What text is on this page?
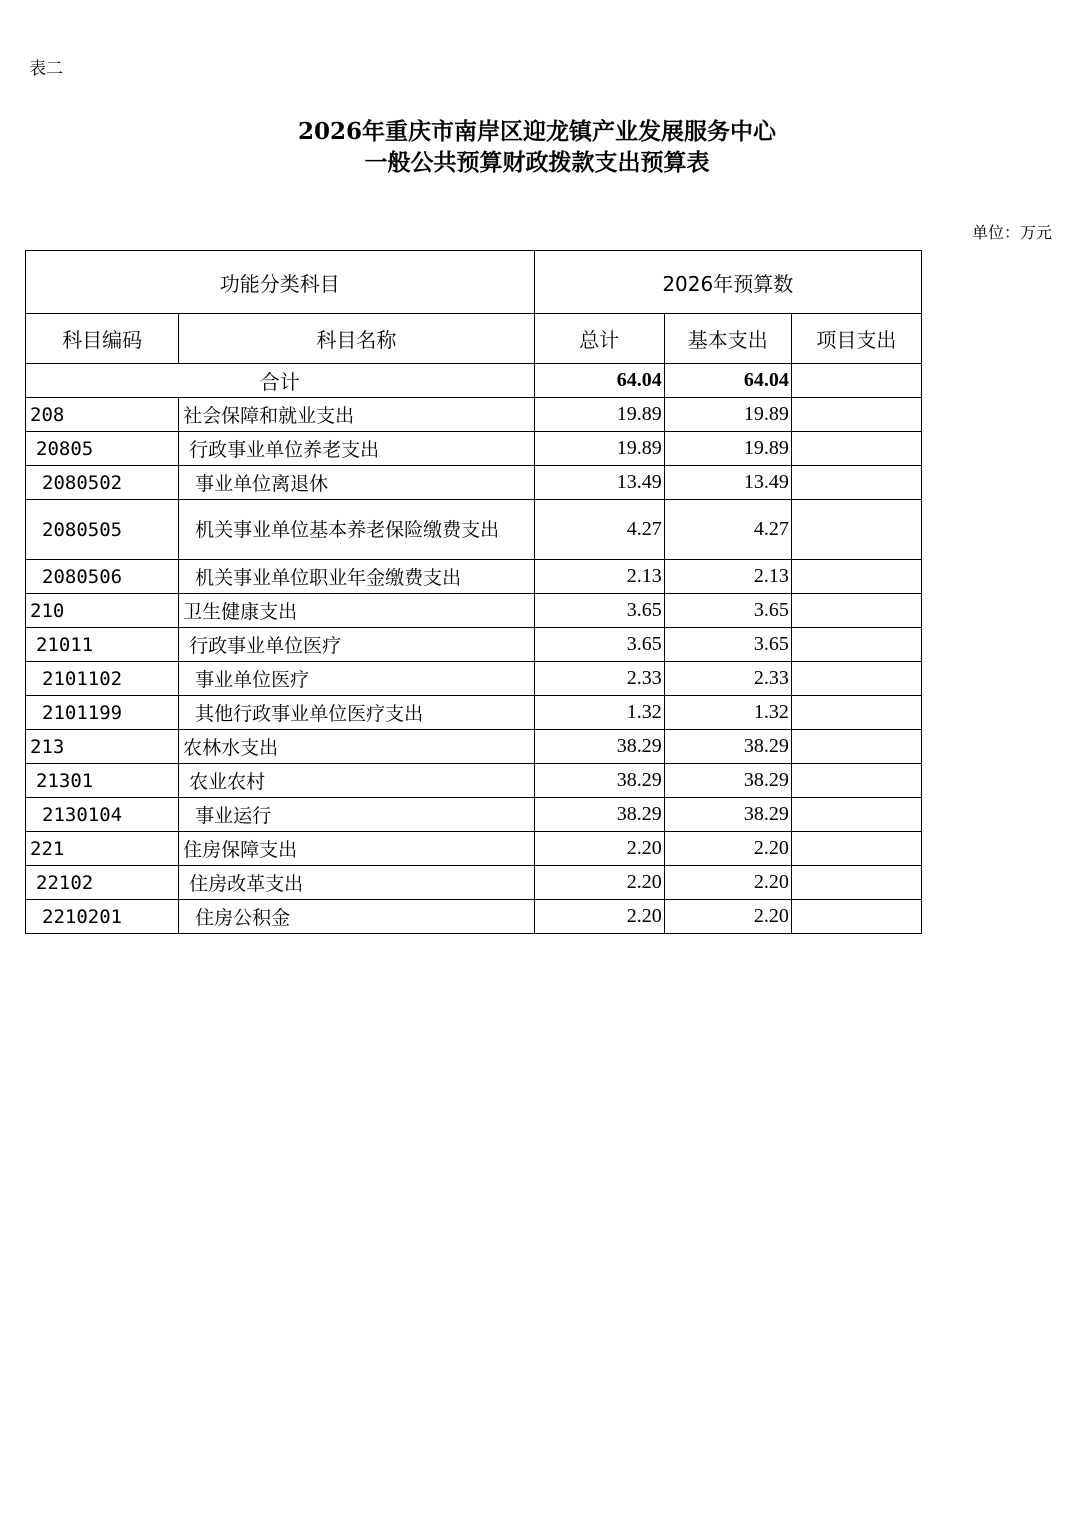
表二
2026年重庆市南岸区迎龙镇产业发展服务中心
一般公共预算财政拨款支出预算表
单位：万元
功能分类科目		2026年预算数		
科目编码	科目名称	总计	基本支出	项目支出
合计		64.04	64.04	
208	社会保障和就业支出	19.89	19.89	
20805	行政事业单位养老支出	19.89	19.89	
2080502	事业单位离退休	13.49	13.49	
2080505	机关事业单位基本养老保险缴费支出	4.27	4.27	
2080506	机关事业单位职业年金缴费支出	2.13	2.13	
210	卫生健康支出	3.65	3.65	
21011	行政事业单位医疗	3.65	3.65	
2101102	事业单位医疗	2.33	2.33	
2101199	其他行政事业单位医疗支出	1.32	1.32	
213	农林水支出	38.29	38.29	
21301	农业农村	38.29	38.29	
2130104	事业运行	38.29	38.29	
221	住房保障支出	2.20	2.20	
22102	住房改革支出	2.20	2.20	
2210201	住房公积金	2.20	2.20	
